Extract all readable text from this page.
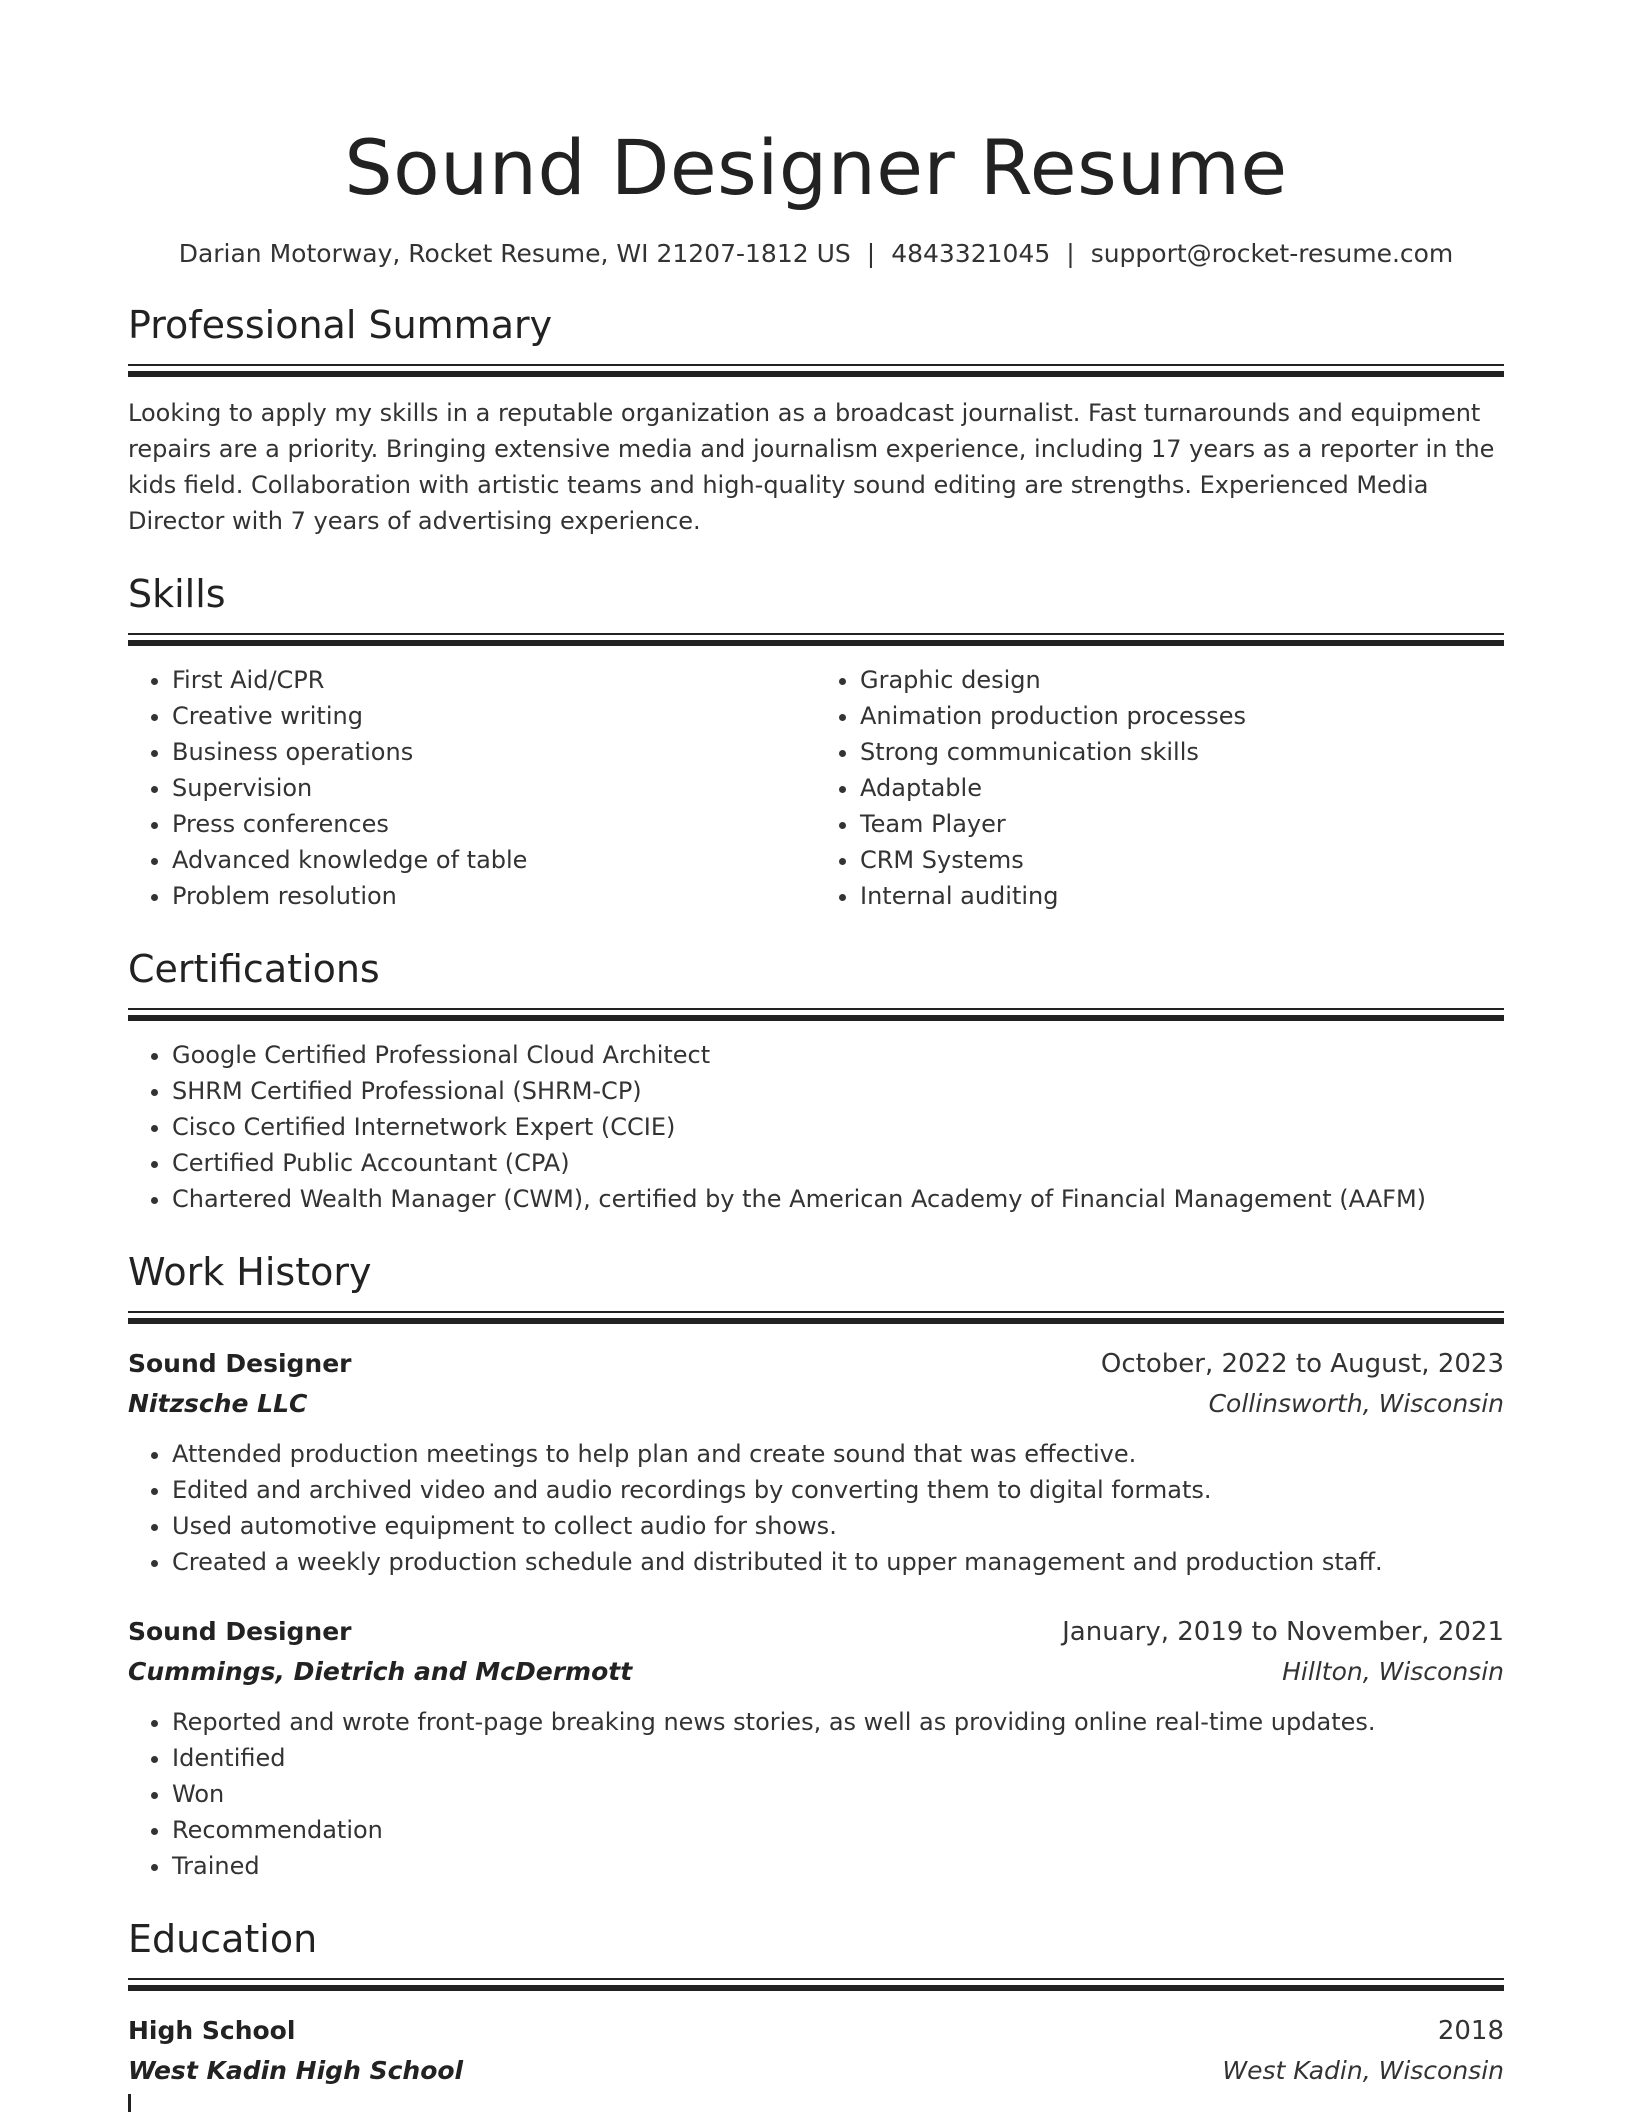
Sound Designer Resume
Darian Motorway, Rocket Resume, WI 21207-1812 US | 4843321045 | support@rocket-resume.com
Professional Summary

Looking to apply my skills in a reputable organization as a broadcast journalist. Fast turnarounds and equipment repairs are a priority. Bringing extensive media and journalism experience, including 17 years as a reporter in the kids field. Collaboration with artistic teams and high-quality sound editing are strengths. Experienced Media Director with 7 years of advertising experience.

Skills
• First Aid/CPR
• Creative writing
• Business operations
• Supervision
• Press conferences
• Advanced knowledge of table
• Problem resolution
• Graphic design
• Animation production processes
• Strong communication skills
• Adaptable
• Team Player
• CRM Systems
• Internal auditing
Certifications
• Google Certified Professional Cloud Architect
• SHRM Certified Professional (SHRM-CP)
• Cisco Certified Internetwork Expert (CCIE)
• Certified Public Accountant (CPA)
• Chartered Wealth Manager (CWM), certified by the American Academy of Financial Management (AAFM)
Work History
Sound Designer	October, 2022 to August, 2023
Nitzsche LLC	Collinsworth, Wisconsin
• Attended production meetings to help plan and create sound that was effective.
• Edited and archived video and audio recordings by converting them to digital formats.
• Used automotive equipment to collect audio for shows.
• Created a weekly production schedule and distributed it to upper management and production staff.
Sound Designer	January, 2019 to November, 2021
Cummings, Dietrich and McDermott	Hillton, Wisconsin
• Reported and wrote front-page breaking news stories, as well as providing online real-time updates.
• Identified
• Won
• Recommendation
• Trained
Education
High School	2018
West Kadin High School	West Kadin, Wisconsin
